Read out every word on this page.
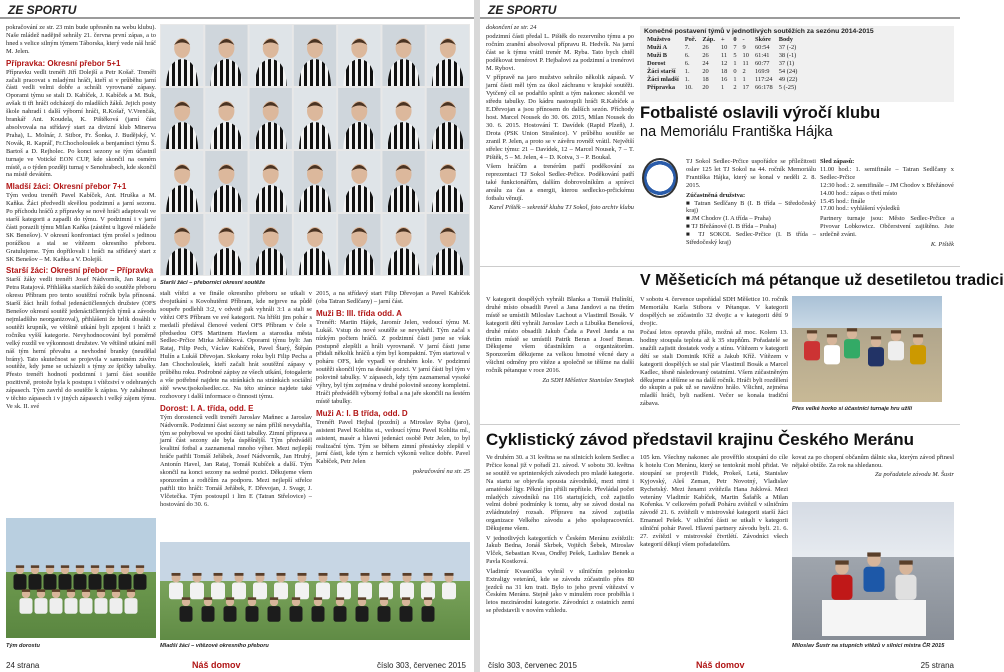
ZE SPORTU

pokračování ze str. 23 min bude upřesněn na webu klubu). Naše mládež nadějně sehrály 21. června první zápas, a to hned s velice silným týmem Táborska, který vede náš hráč M. Jelen.

Přípravka: Okresní přebor 5+1

Přípravku vedli trenéři Jiří Dolejší a Petr Košař. Trenéři začali pracovat s mladými hráči, kteří si v průběhu jarní části vedli velmi dobře a schráli vyrovnané zápasy. Oporami týmu se stali D. Kabíček, J. Kabíček a M. Buk, avšak ti tři hráči odcházejí do mladších žáků. Jejich posty škole nahradí i další výborní hráči, R.Košař, V.Vrenčák, brankář Ant. Koudela, K. Pištěková (jarní část absolvovala na střídavý start za divizní klub Minerva Praha), L. Molnár, J. Stibor, Fr. Šonka, J. Budějský, V. Novák, R. Kapráľ, Fr.Chocholoušek a benjamínci týmu Š. Bartoš a D. Rejholec. Po konci sezony se tým účastnil turnaje ve Votické EON CUP, kde skončil na osmém místě, a o týden později turnaj v Senohrabech, kde skončil na místě devátém.

Mladší žáci: Okresní přebor 7+1

Tým vedou trenéři Pavel Kabíček, Ant. Hruška a M. Kaňka. Žáci předvedli skvělou podzimní a jarní sezonu. Po příchodu hráčů z přípravky se nově hráči adaptovali ve starší kategorii a zapadli do týmu. V podzimní i v jarní části porazili týmu Milan Kaňka (zástěnt u ligové mládeže SK Benešov). V okresní konfrontaci tým prošel s jedinou porážkou a stal se vítězem okresního přeboru. Gratulujeme. Tým dopřilovali i hráči na střídavý start z SK Benešov – M. Kaňka a V. Dolejší.

Starší žáci: Okresní přebor – Přípravka

Starší žáky vedli trenéři Josef Nádvorník, Jan Rataj a Petra Ratajová. Přihláška starších žáků do soutěže přeboru okresu Příbram pro tento soutěžní ročník byla přínosná. Starší žáci hráli fotbal jedenáctičlenných družstev (OFS Benešov okresní soutěž jedenáctičlenných týmů a závodu nejmladšího neorganizoval), přihlášeni že hrlik dosáhli v soutěži krupník, ve většině utkání byli zpojeni i hráči z ročníku vyšší kategorie. Nevyhodnocování byl poměrně velký rozdíl ve výkonnosti družstev. Ve většině utkání měl náš tým herní převahu a nevhodné branky (neudělal brány). Tato skutečnost se projevila v samotném závěru soutěže, kdy jsme se ucházeli s týmy ze špičky tabulky. Přesto trenéři hodnotí podzimní i jarní část soutěže pozitivně, protože byla k postupu i vítězství v odehraných zápasech. Tým zavrhl do soutěže k zápisu. Vy zaháhnout v těchto zápasech i v jiných zápasech i velký zájem týmu. Ve sk. II. své

Starší žáci – přeborníci okresní soutěže

stali vítězi a ve finále okresního přeboru se utkali v dvojutkání s Kovohutěmi Příbram, kde nejprve na půdě soupeře podlehli 3:2, v odvetě pak vyhráli 3:1 a stali se vítězi OFS Příbram ve své kategorii. Na hřišti jim pohár s medailí předával členové vedení OFS Příbram v čele s předsedou OFS Martinem Havlem a starostka města Sedlec-Prčice Mirka Jeřábková. Oporami týmu byli: Jan Rataj, Filip Pech, Václav Kabíček, Pavel Štarý, Štěpán Hulín a Lukáš Dřevojan. Skokany roku byli Filip Pecha a Jan Chocholoušek, kteří začali hrát soutěžní zápasy v průběhu roku. Podrobné zápisy ze všech utkání, fotogalerie a vše potřebné najdete na stránkách na stránkách sociální sítě www.tjsokolsedlec.cz. Na této stránce najdete také rozhovory i další informace o činnosti týmu.

Dorost: I. A. třída, odd. E

Tým dorostenců vedli trenéři Jaroslav Maňnec a Jaroslav Nádvorník. Podzimní část sezony se nám příliš nevydařila, tým se pohyboval ve spodní části tabulky. Zimní příprava a jarní část sezony ale byla úspěšnější. Tým předváděl kvalitní fotbal a zaznamenal mnoho výher. Mezi nejlepší hráče patřili Tomáš Jeřábek, Josef Nádvorník, Jan Hrubý, Antonín Havel, Jan Rataj, Tomáš Kubíček a další. Tým skončil na konci sezony na sedmé pozici. Děkujeme všem sponzorům a rodičům za podporu. Mezi nejlepší střelce patřili tito hráči: Tomáš Jeřábek, F. Dřevojan, J. Svagr, J. Vlčetečka. Tým postoupil i lim E (Tatran Střelovice) – hostování do 30. 6.

2015, a na střídavý start Filip Dřevojan a Pavel Kabíček (oba Tatran Sedlčany) – jarní část.

Muži B: III. třída odd. A

Trenéři: Martin Hájek, Jaromír Jelen, vedoucí týmu M. Lukáš. Vstup do nové soutěže se nevydařil. Tým začal s nízkým počtem hráčů. Z podzimní části jsme se však postupně zlepšili a hráli vyrovnaně. V jarní části jsme přidali několik hráčů a tým byl kompaktní. Tým startoval v poháru OFS, kde vypadl ve druhém kole. V podzimní soutěži skončil tým na desáté pozici. V jarní části byl tým v polovině tabulky. V zápasech, kdy tým zaznamenal vysoké výhry, byl tým zejména v druhé polovině sezony kompletní. Hráči předváděli výborný fotbal a na jaře skončili na šestém místě tabulky.

Muži A: I. B třída, odd. D

Trenéři Pavel Hejbal (pozdní) a Miroslav Ryba (jaro), asistent Pavel Kohlita st., vedoucí týmu Pavel Kohlita ml., asistent, masér a hlavní jedenáct osobě Petr Jelen, to byl realizační tým. Tým se během zimní přestávky zlepšil v jarní části, kde tým z herních výkonů velice dobře. Pavel Kabíček, Petr Jelen

pokračování na str. 25

Tým dorostu	Mladší žáci – vítězové okresního přeboru
24 strana	Náš domov	číslo 303, červenec 2015
ZE SPORTU

dokončení ze str. 24

podzimní části předal L. Pištěk do rezervního týmu a po ročním zranění absolvoval přípravu R. Hedvík. Na jarní část se k týmu vrátil trenér M. Ryba. Tato bych chtěl poděkovat trenérovi P. Hejbalovi za podzimní a trenérovi M. Rybovi.

V přípravě na jaro mužstvo sehrálo několik zápasů. V jarní části měl tým za úkol záchranu v krajské soutěži. Vytčený cíl se podařilo splnit a tým nakonec skončil ve středu tabulky. Do kádru nastoupili hráči R.Kabíček a E.Dřevojan a jsou přínosem do dalších sezón. Příchody host. Marcel Nousek do 30. 06. 2015, Milan Nousek do 30. 6. 2015. Hostování T. Davídek (Rapid Plzeň), J. Drota (PSK Union Strašnice). V průběhu soutěže se zranil P. Jelen, a proto se v závěru rovněž vrátil. Největší střelec týmu: 21 – Davídek, 12 – Marcel Nousek, 7 – T. Pištěk, 5 – M. Jelen, 4 – D. Kotva, 3 – P. Boukal.

Všem hráčům a trenérům patří poděkování za reprezentaci TJ Sokol Sedlec-Prčice. Poděkování patří také funkcionářům, dalším dobrovolníkům a správci areálu za čas a energii, kterou sedlecko-prčickému fotbalu věnují.

Karel Pištěk – sekretář klubu TJ Sokol, foto archiv klubu

Konečné postavení týmů v jednotlivých soutěžích za sezónu 2014-2015
Mužstvo	Poř.	Záp.	+	0	-	Skóre	Body
Muži A	7.	26	10	7	9	60:54	37 (-2)
Muži B	6.	26	11	5	10	61:41	38 (-1)
Dorost	6.	24	12	1	11	60:77	37 (1)
Žáci starší	1.	20	18	0	2	169:9	54 (24)
Žáci mladší	1.	18	16	1	1	117:24	49 (22)
Přípravka	10.	20	1	2	17	66:178	5 (-25)
Fotbalisté oslavili výročí klubu
na Memoriálu Františka Hájka

TJ Sokol Sedlec-Prčice uspořádce se příležitosti oslav 125 let TJ Sokol na 44. ročník Memoriálu Františka Hájka, který se konal v neděli 2. 8. 2015.

Zúčastněná družstva:
■ Tatran Sedlčany B (I. B třída – Středočeský kraj)
■ JM Chodov (I. A třída – Praha)
■ TJ Břežánové (I. B třída – Praha)
■ TJ SOKOL Sedlec-Prčice (I. B třída – Středočeský kraj)
Sled zápasů:
11.00 hod.: 1. semifinále – Tatran Sedlčany x Sedlec-Prčice
12:30 hod.: 2. semifinále – JM Chodov x Břežánové
14.00 hod.: zápas o třetí místo
15.45 hod.: finále
17.00 hod.: vyhlášení výsledků

Partnery turnaje jsou: Město Sedlec-Prčice a Pivovar Lobkowicz. Občerstvení zajištěno. Jste srdečně zváni.

K. Pištěk

V Měšeticích má pétanque už desetiletou tradici

V sobotu 4. července uspořádal SDH Měšetice 10. ročník Memoriálu Karla Stibora v Pétanque. V kategorii dospělých se zúčastnilo 32 dvojic a v kategorii dětí 9 dvojic.

Počasí letos opravdu přálo, možná až moc. Kolem 13. hodiny stoupala teplota až k 35 stupňům. Pořadatelé se snažili zajistit dostatek vody a stínu. Vítězem v kategorii dětí se stali Dominik Kříž a Jakub Kříž. Vítězem v kategorii dospělých se stal pár Vlastimil Bosák a Marcel Kadlec, těsně následovaný ostatními. Všem zúčastněným děkujeme a těšíme se na další ročník. Hráči byli rozdělení do skupin a pak už se navážno hrálo. Všichni, zejména mladší hráči, byli nadšeni. Večer se konala tradiční zábava.

Přes velké horko si účastníci turnaje hru užili
Cyklistický závod představil krajinu Českého Meránu

Ve druhém 30. a 31 května se na silnicích kolem Sedlec a Prčice konal již v pořadí 21. závod. V sobotu 30. května se soutěž ve sprinterských závodech pro mladé kategorie. Na startu se objevila spousta závodníků, mezi nimi i amatérské ligy. Pěkné jím přišli nepřítele. Převládal počet mladých závodníků na 116 startujících, což zajistilo velmi dobré podmínky k tomu, aby se závod dostal na zvládnutelný rozsah. Přípravu na závod zajistila organizace Velkého závodu a jeho spolupracovníci. Děkujeme všem.

V jednotlivých kategoriích v Českém Meránu zvítězili: Jakub Bedna, Jonáš Skrbek, Vojtěch Šebek, Miroslav Vlček, Sebastian Kvas, Ondřej Pešek, Ladislav Benek a Pavla Kostková.

Vladimír Kvasnička vyhrál v silničním pelotonku Extraligy veteránů, kde se závodu zúčastnilo přes 80 jezdců na 31 km trati. Bylo to jeho první vítězství v Českém Meránu. Stejně jako v minulém roce proběhla i letos mezinárodní kategorie. Závodníci z ostatních zemí se představili v novém vzhledu.

105 km. Všechny nakonec ale prověřilo stoupání do cíle k hotelu Con Meránu, který se tentokrát mohl přidat. Ve stoupání se projevili Fidek, Prokeš, Letá, Stanislav Kyjovský, Aleš Zeman, Petr Novotný, Vladislav Rychetský. Mezi ženami zvítězila Hana Juklová. Mezi veterány Vladimír Kabíček, Martin Šafařík a Milan Kořenka. V celkovém pořadí Poháru zvítězil v silničním závodě 21. 6. zvítězili v mistrovské kategorii starší žáci Emanuel Pešek. V silniční části se utkali v kategorii silniční pohár Pavel. Hlavní partnery závodu byli. 21. 6. 27. zvítězil v mistrovské čtvrtlétí. Závodníci všech kategorií děkují všem pořadatelům.

kovat za po chopení občanům dálnic ska, kterým závod přinesl nějaké obtíže. Za rok na shledanou.

Za pořadatele závodu M. Šustr

Miloslav Šustr na stupních vítězů v silnici mistra ČR 2015
číslo 303, červenec 2015	Náš domov	25 strana

V kategorii dospělých vyhráli Blanka a Tomáš Hulínští, druhé místo obsadili Pavel a Jana Jandovi a na třetím místě se umístili Miloslav Lachout a Vlastimil Bosák. V kategorii dětí vyhráli Jaroslav Lech a Libuška Benešová, druhé místo obsadili Jakub Čada a Pavel Janda a na třetím místě se umístili Patrik Beran a Josef Beran. Děkujeme všem účastníkům a organizátorům. Sponzorům děkujeme za velkou hmotné věcné dary a všichni odměny pro vítěze a společně se těšíme na další ročník pétanque v roce 2016.

Za SDH Měšetice Stanislav Smejtek
